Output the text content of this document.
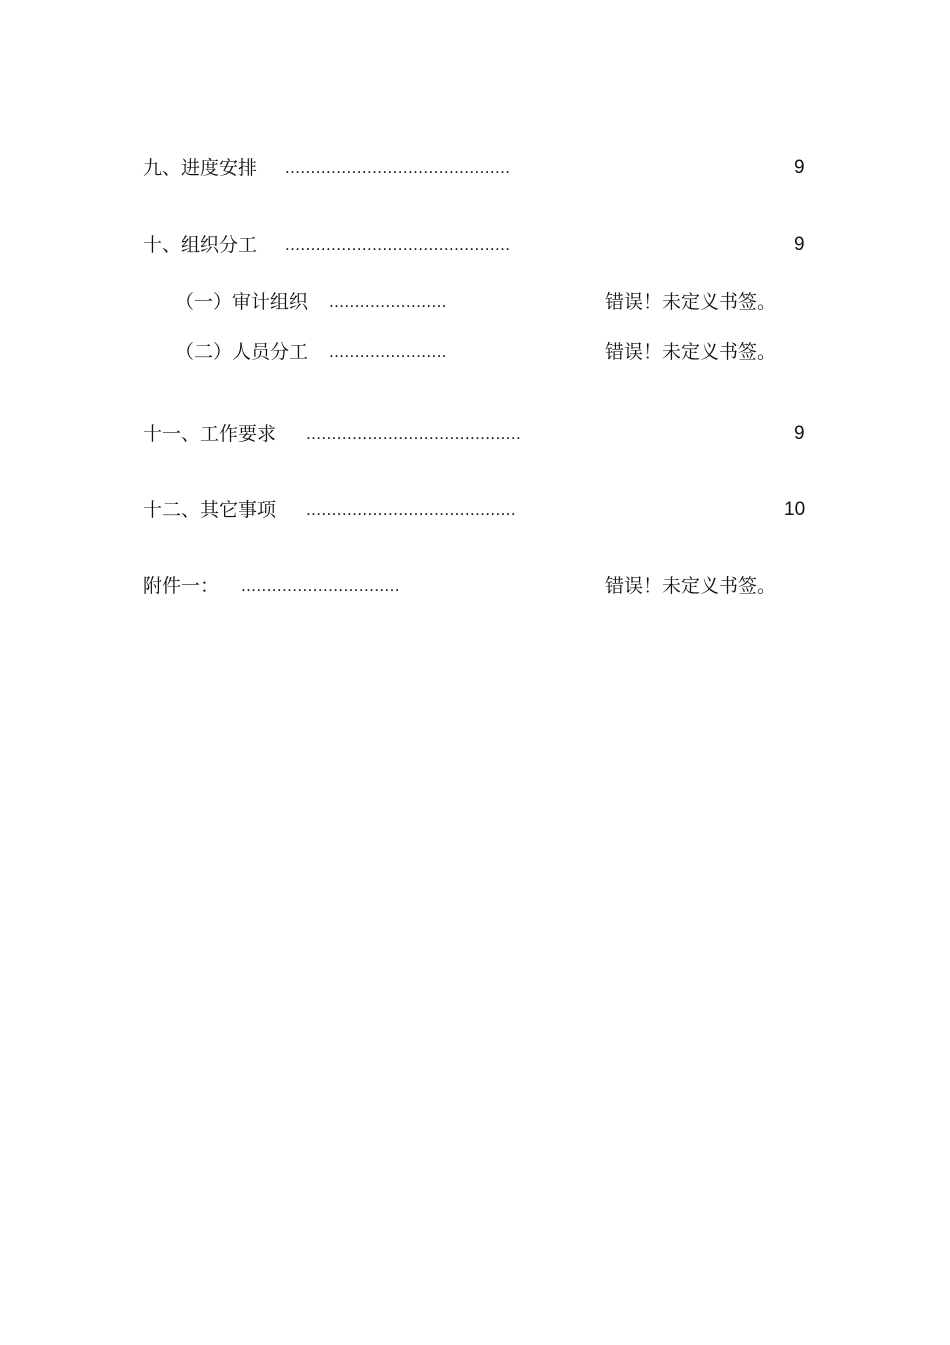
九、进度安排 ............................................	9
十、组织分工 ............................................	9
（一）审计组织 .......................	错误！未定义书签。
（二）人员分工 .......................	错误！未定义书签。
十一、工作要求 ..........................................	9
十二、其它事项 .........................................	10
附件一： ...............................	错误！未定义书签。
